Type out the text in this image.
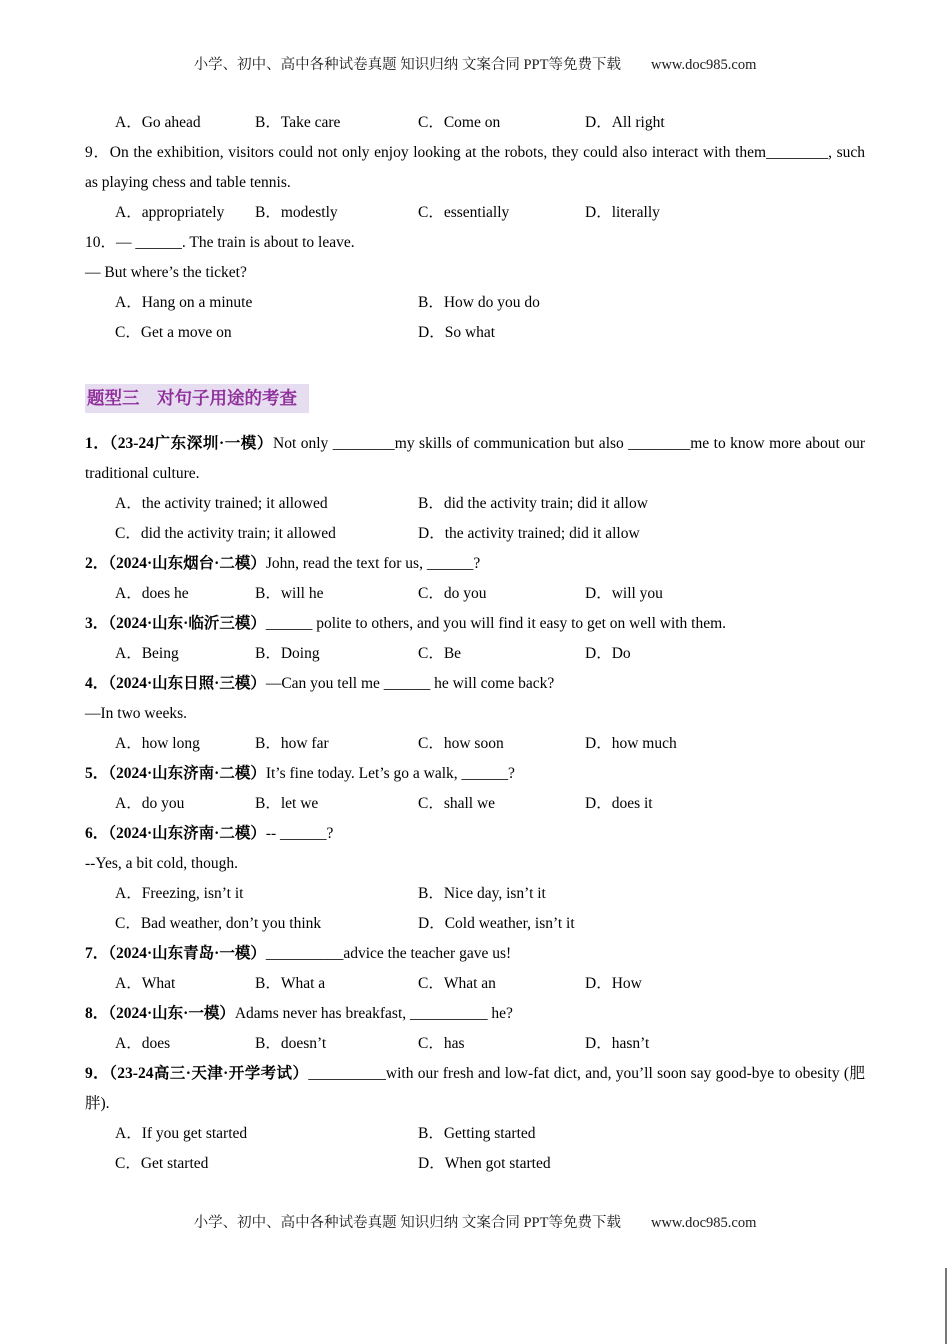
小学、初中、高中各种试卷真题 知识归纳 文案合同 PPT等免费下载 www.doc985.com
A．Go ahead	B．Take care	C．Come on	D．All right

9．On the exhibition, visitors could not only enjoy looking at the robots, they could also interact with them________, such as playing chess and table tennis.

A．appropriately	B．modestly	C．essentially	D．literally

10．— ______. The train is about to leave.

— But where’s the ticket?

A．Hang on a minute	B．How do you do
C．Get a move on	D．So what
题型三　对句子用途的考查

1．（23-24广东深圳·一模）Not only ________my skills of communication but also ________me to know more about our traditional culture.

A．the activity trained; it allowed	B．did the activity train; did it allow
C．did the activity train; it allowed	D．the activity trained; did it allow

2．（2024·山东烟台·二模）John, read the text for us, ______?

A．does he	B．will he	C．do you	D．will you

3．（2024·山东·临沂三模）______ polite to others, and you will find it easy to get on well with them.

A．Being	B．Doing	C．Be	D．Do

4．（2024·山东日照·三模）—Can you tell me ______ he will come back?

—In two weeks.

A．how long	B．how far	C．how soon	D．how much

5．（2024·山东济南·二模）It’s fine today. Let’s go a walk, ______?

A．do you	B．let we	C．shall we	D．does it

6．（2024·山东济南·二模）-- ______?

--Yes, a bit cold, though.

A．Freezing, isn’t it	B．Nice day, isn’t it
C．Bad weather, don’t you think	D．Cold weather, isn’t it

7．（2024·山东青岛·一模）__________advice the teacher gave us!

A．What	B．What a	C．What an	D．How

8．（2024·山东·一模）Adams never has breakfast, __________ he?

A．does	B．doesn’t	C．has	D．hasn’t

9．（23-24高三·天津·开学考试）__________with our fresh and low-fat dict, and, you’ll soon say good-bye to obesity (肥胖).

A．If you get started	B．Getting started
C．Get started	D．When got started
小学、初中、高中各种试卷真题 知识归纳 文案合同 PPT等免费下载 www.doc985.com
